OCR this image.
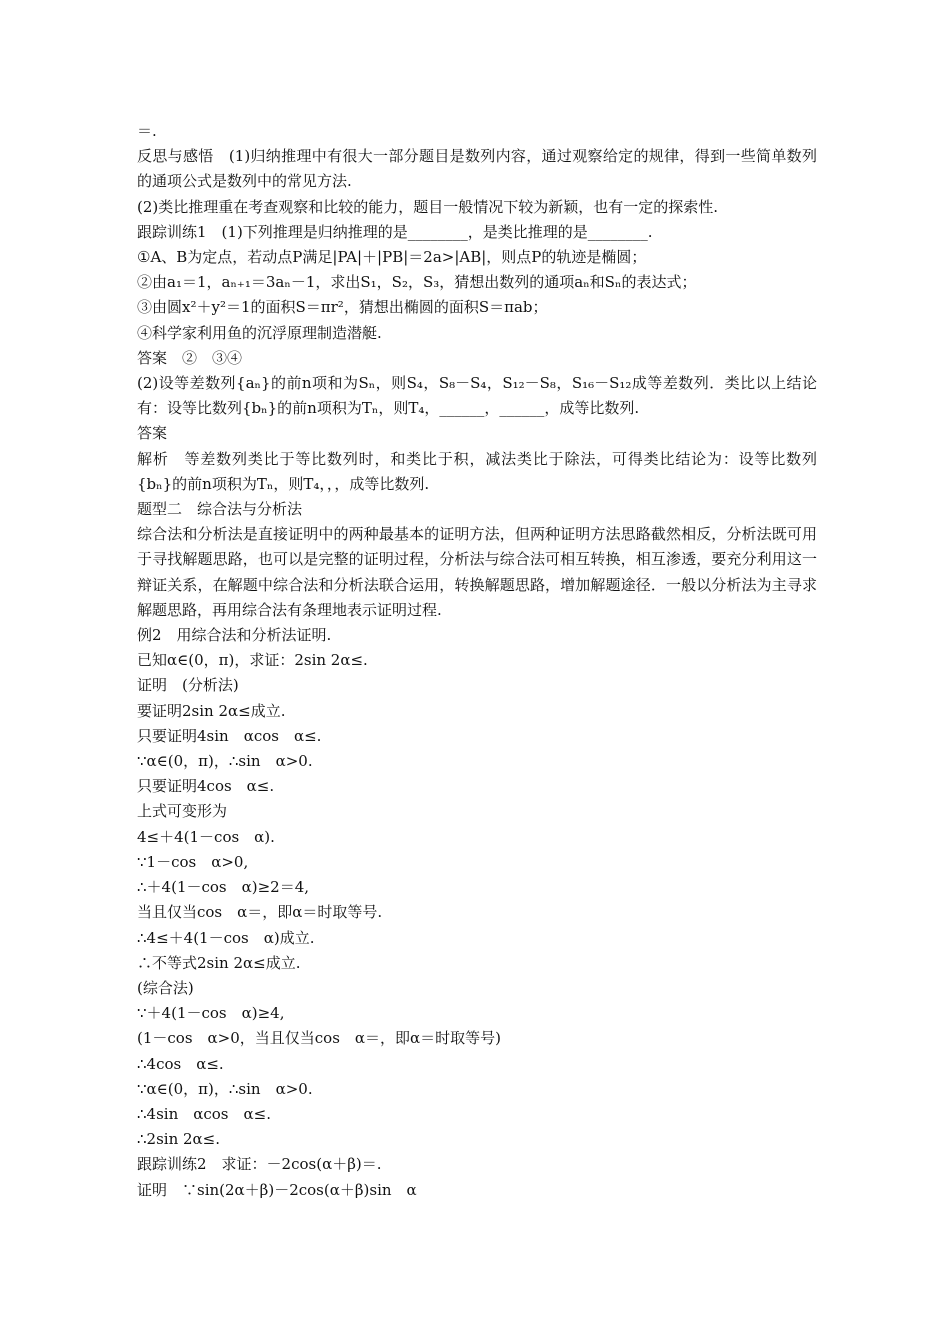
＝.
反思与感悟　(1)归纳推理中有很大一部分题目是数列内容，通过观察给定的规律，得到一些简单数列的通项公式是数列中的常见方法.
(2)类比推理重在考查观察和比较的能力，题目一般情况下较为新颖，也有一定的探索性.
跟踪训练1　(1)下列推理是归纳推理的是________，是类比推理的是________.
①A、B为定点，若动点P满足|PA|＋|PB|＝2a>|AB|，则点P的轨迹是椭圆；
②由a₁＝1，aₙ₊₁＝3aₙ－1，求出S₁，S₂，S₃，猜想出数列的通项aₙ和Sₙ的表达式；
③由圆x²＋y²＝1的面积S＝πr²，猜想出椭圆的面积S＝πab；
④科学家利用鱼的沉浮原理制造潜艇.
答案　②　③④
(2)设等差数列{aₙ}的前n项和为Sₙ，则S₄，S₈－S₄，S₁₂－S₈，S₁₆－S₁₂成等差数列．类比以上结论有：设等比数列{bₙ}的前n项积为Tₙ，则T₄，______，______，成等比数列.
答案
解析　等差数列类比于等比数列时，和类比于积，减法类比于除法，可得类比结论为：设等比数列{bₙ}的前n项积为Tₙ，则T₄，，，成等比数列.
题型二　综合法与分析法
综合法和分析法是直接证明中的两种最基本的证明方法，但两种证明方法思路截然相反，分析法既可用于寻找解题思路，也可以是完整的证明过程，分析法与综合法可相互转换，相互渗透，要充分利用这一辩证关系，在解题中综合法和分析法联合运用，转换解题思路，增加解题途径．一般以分析法为主寻求解题思路，再用综合法有条理地表示证明过程.
例2　用综合法和分析法证明.
已知α∈(0，π)，求证：2sin 2α≤.
证明　(分析法)
要证明2sin 2α≤成立.
只要证明4sin　αcos　α≤.
∵α∈(0，π)，∴sin　α>0.
只要证明4cos　α≤.
上式可变形为
4≤＋4(1－cos　α).
∵1－cos　α>0,
∴＋4(1－cos　α)≥2＝4,
当且仅当cos　α＝，即α＝时取等号.
∴4≤＋4(1－cos　α)成立.
∴不等式2sin 2α≤成立.
(综合法)
∵＋4(1－cos　α)≥4,
(1－cos　α>0，当且仅当cos　α＝，即α＝时取等号)
∴4cos　α≤.
∵α∈(0，π)，∴sin　α>0.
∴4sin　αcos　α≤.
∴2sin 2α≤.
跟踪训练2　求证：－2cos(α＋β)＝.
证明　∵sin(2α＋β)－2cos(α＋β)sin　α
